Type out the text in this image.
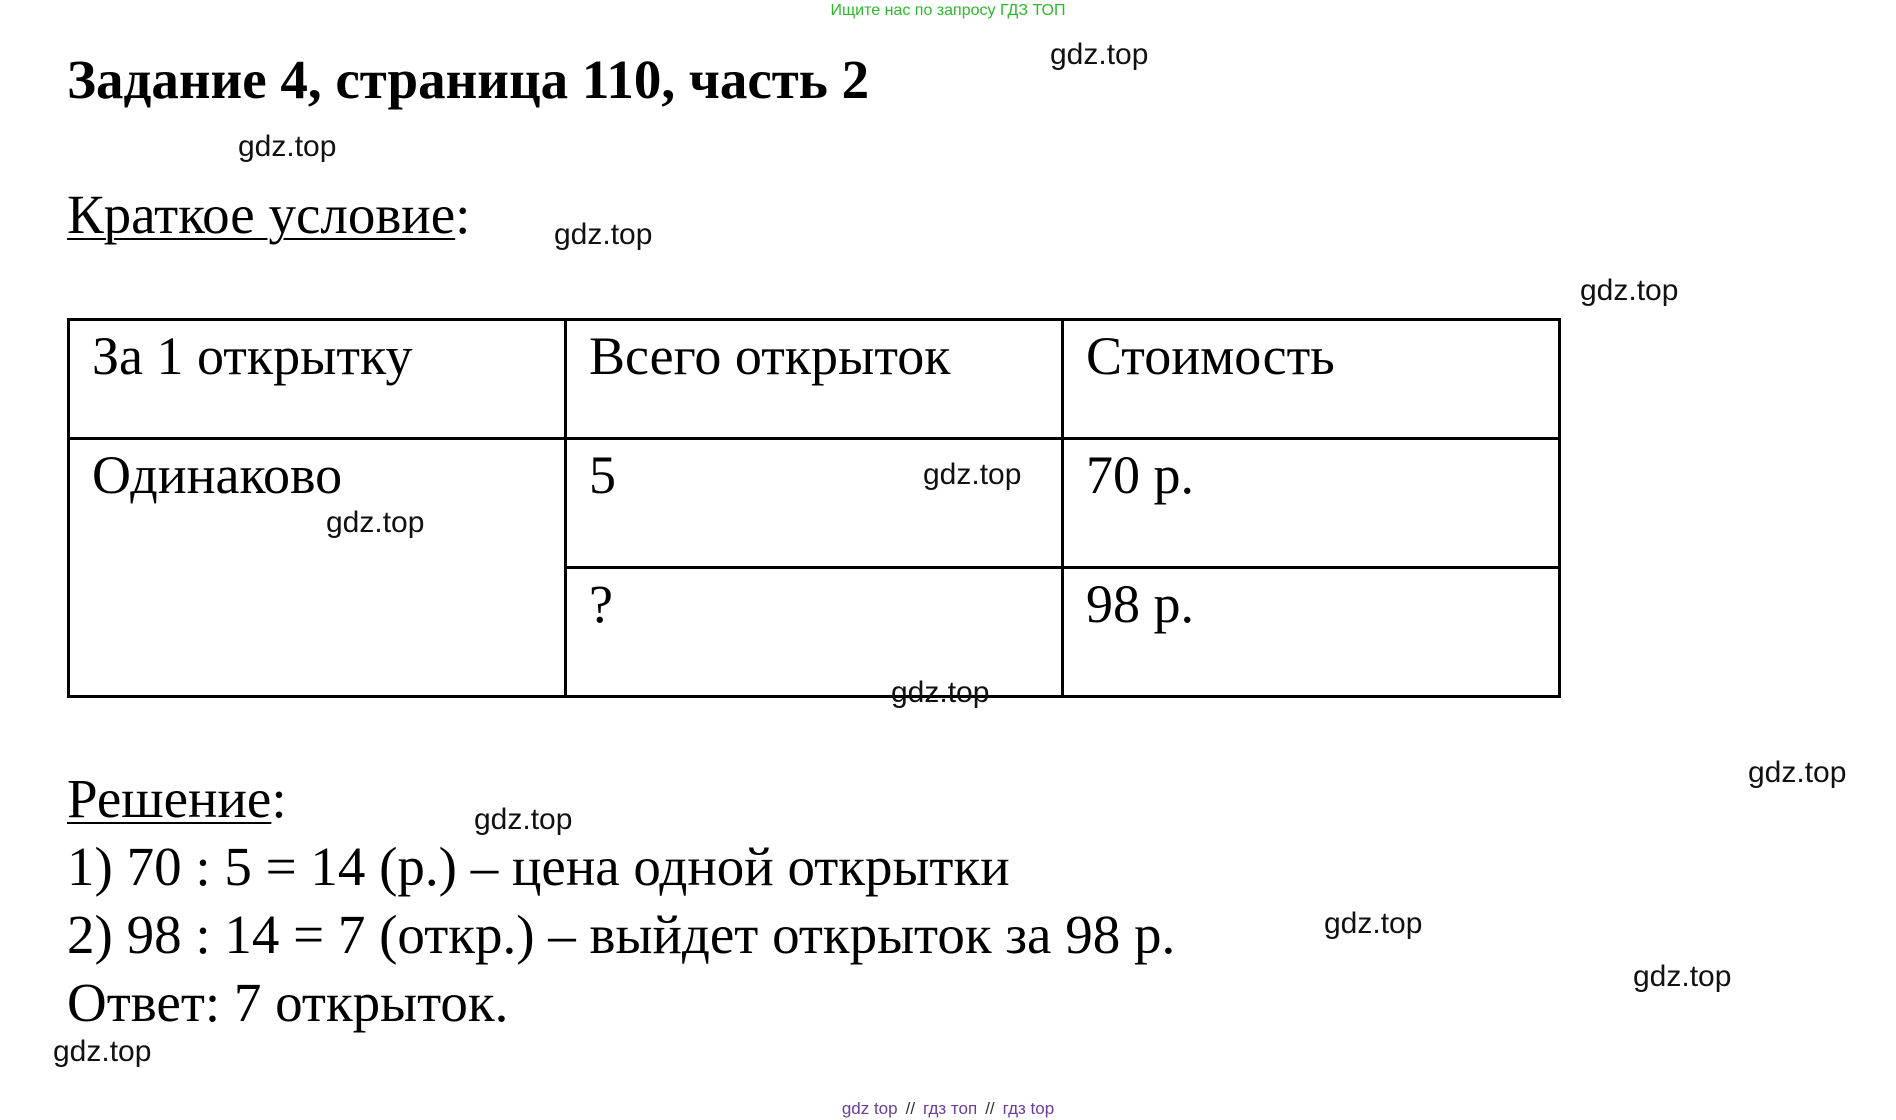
Ищите нас по запросу ГДЗ ТОП
Задание 4, страница 110, часть 2
Краткое условие:
За 1 открытку	Всего открыток	Стоимость
Одинаково	5	70 р.
	?	98 р.
Решение:
1) 70 : 5 = 14 (р.) – цена одной открытки
2) 98 : 14 = 7 (откр.) – выйдет открыток за 98 р.
Ответ: 7 открыток.
gdz.top
gdz.top
gdz.top
gdz.top
gdz.top
gdz.top
gdz.top
gdz.top
gdz.top
gdz.top
gdz.top
gdz.top
gdz top // гдз топ // гдз top
